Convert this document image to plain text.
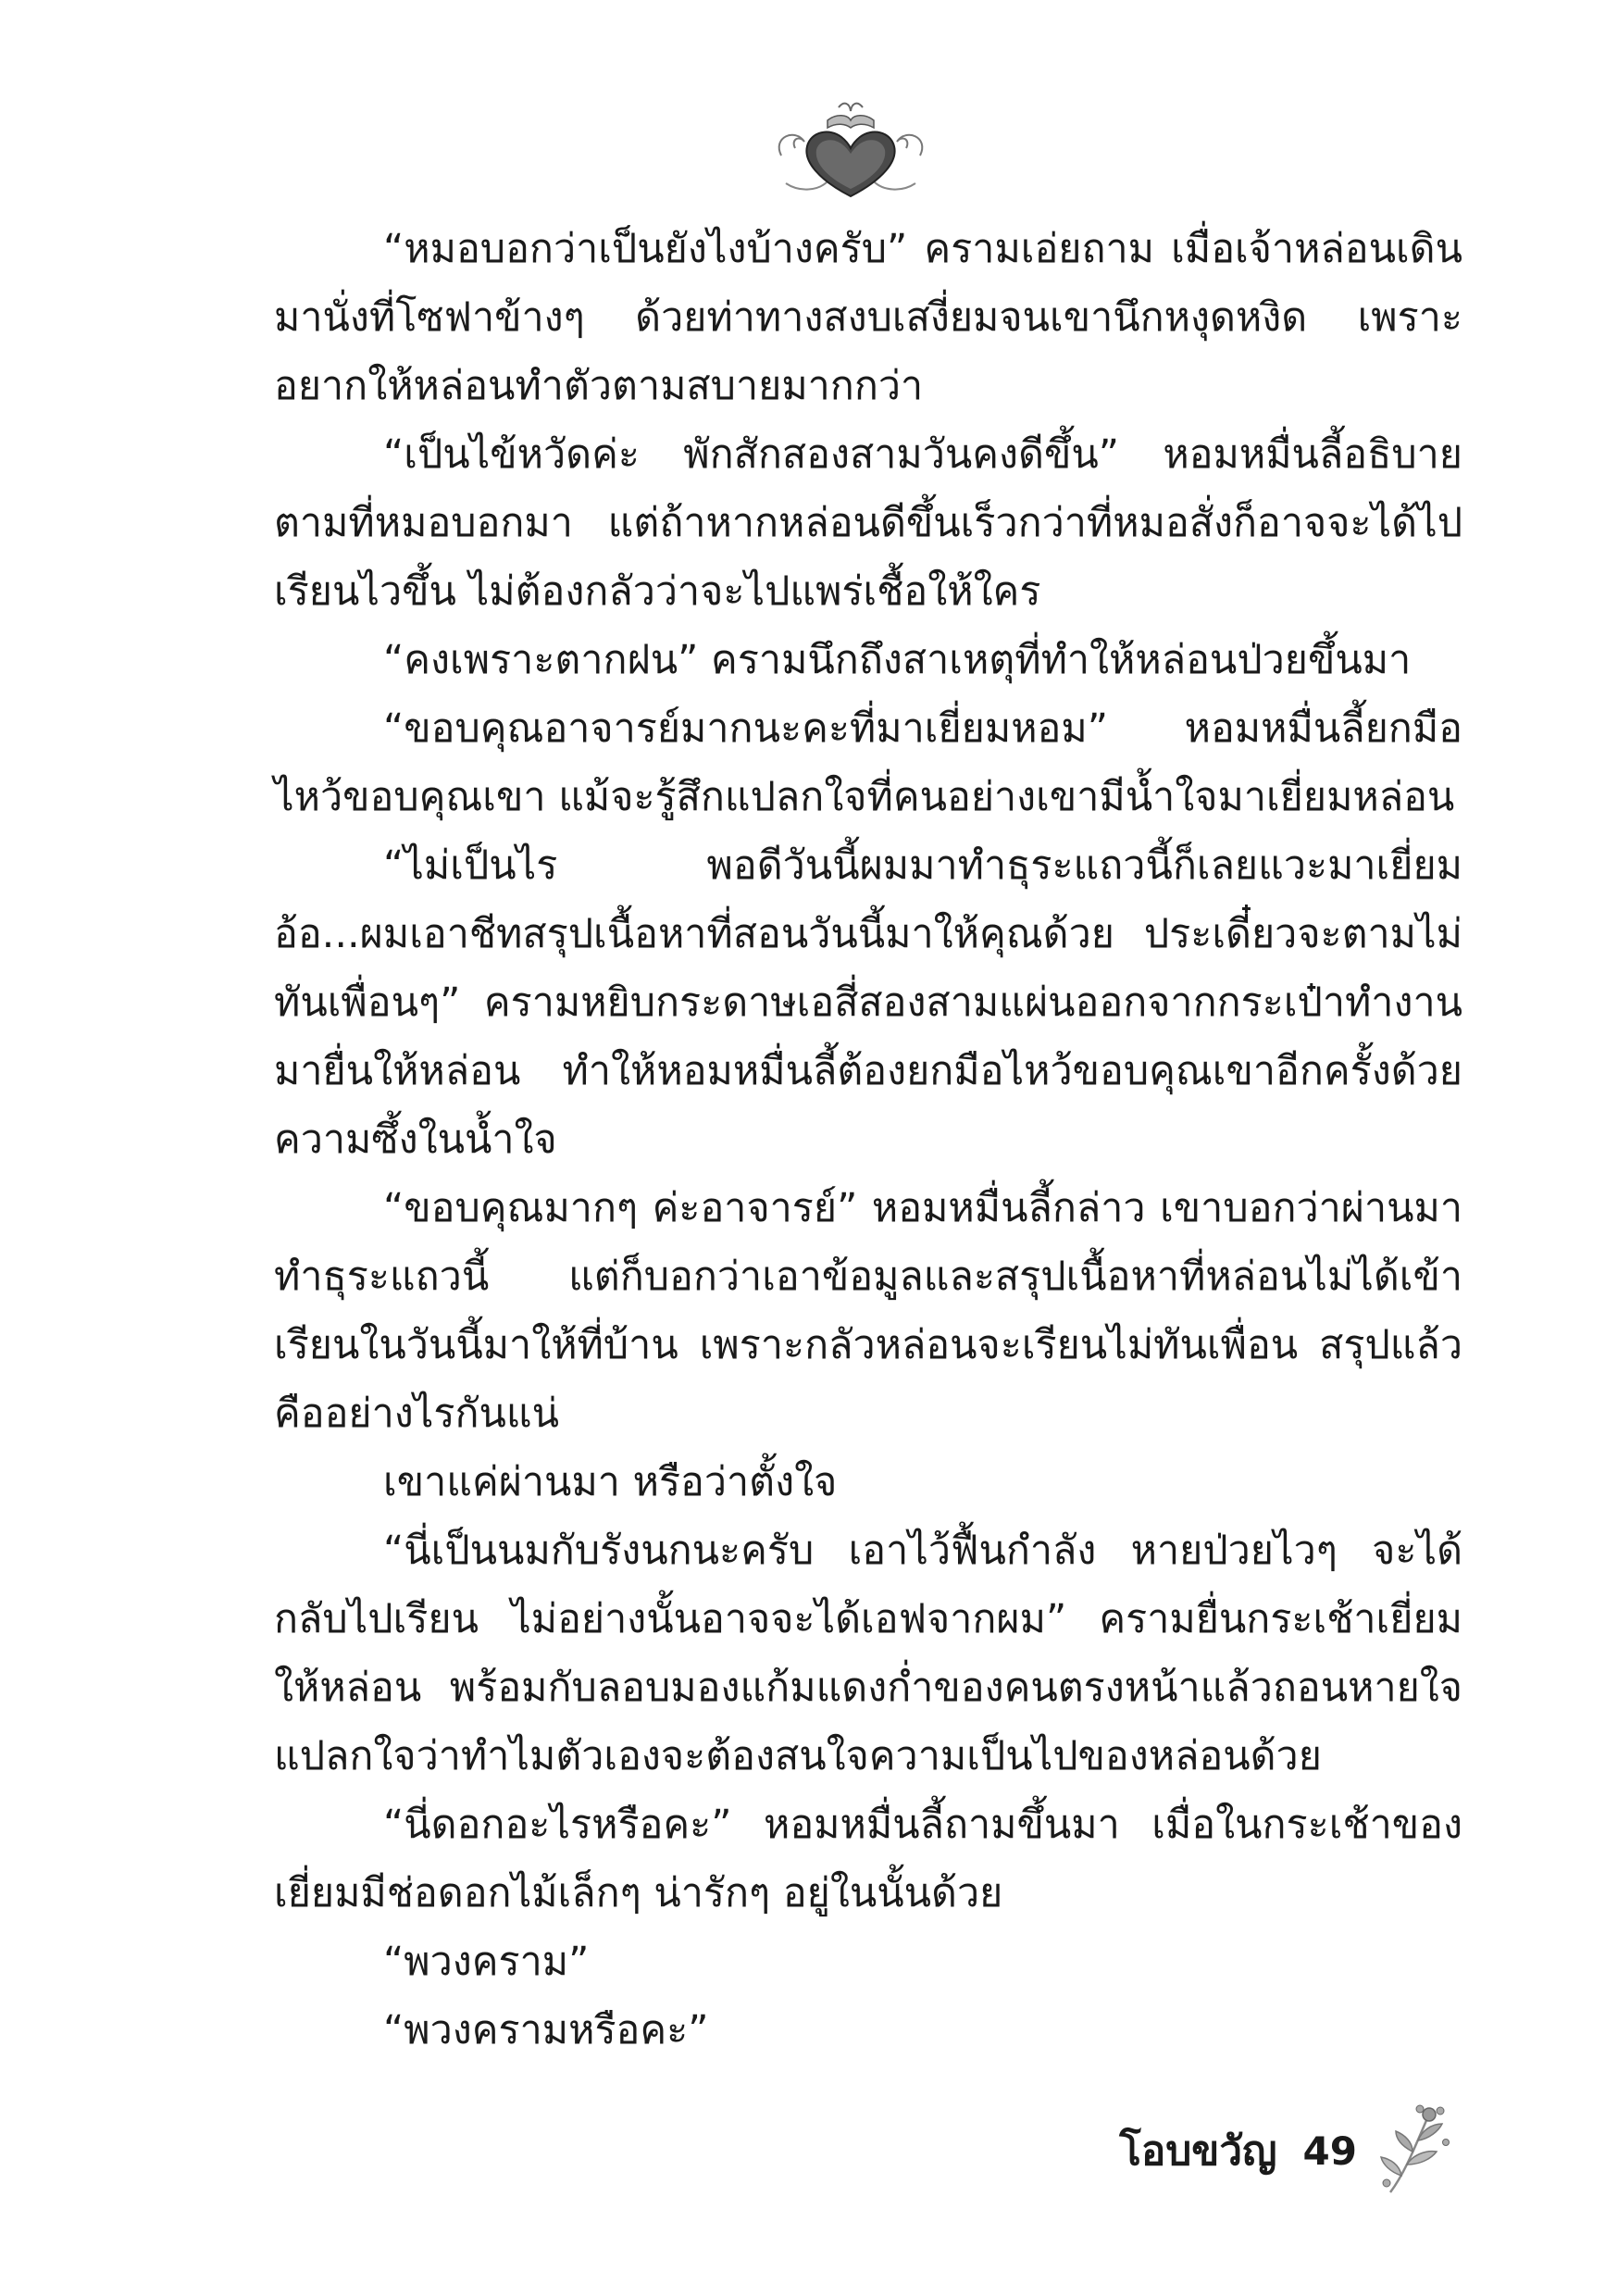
“หมอบอกว่าเป็นยังไงบ้างครับ” ครามเอ่ยถาม เมื่อเจ้าหล่อนเดินมานั่งที่โซฟาข้างๆ ด้วยท่าทางสงบเสงี่ยมจนเขานึกหงุดหงิด เพราะอยากให้หล่อนทำตัวตามสบายมากกว่า

“เป็นไข้หวัดค่ะ พักสักสองสามวันคงดีขึ้น” หอมหมื่นลี้อธิบายตามที่หมอบอกมา แต่ถ้าหากหล่อนดีขึ้นเร็วกว่าที่หมอสั่งก็อาจจะได้ไปเรียนไวขึ้น ไม่ต้องกลัวว่าจะไปแพร่เชื้อให้ใคร

“คงเพราะตากฝน” ครามนึกถึงสาเหตุที่ทำให้หล่อนป่วยขึ้นมา

“ขอบคุณอาจารย์มากนะคะที่มาเยี่ยมหอม” หอมหมื่นลี้ยกมือไหว้ขอบคุณเขา แม้จะรู้สึกแปลกใจที่คนอย่างเขามีน้ำใจมาเยี่ยมหล่อน

“ไม่เป็นไร พอดีวันนี้ผมมาทำธุระแถวนี้ก็เลยแวะมาเยี่ยม อ้อ...ผมเอาชีทสรุปเนื้อหาที่สอนวันนี้มาให้คุณด้วย ประเดี๋ยวจะตามไม่ทันเพื่อนๆ” ครามหยิบกระดาษเอสี่สองสามแผ่นออกจากกระเป๋าทำงานมายื่นให้หล่อน ทำให้หอมหมื่นลี้ต้องยกมือไหว้ขอบคุณเขาอีกครั้งด้วยความซึ้งในน้ำใจ

“ขอบคุณมากๆ ค่ะอาจารย์” หอมหมื่นลี้กล่าว เขาบอกว่าผ่านมาทำธุระแถวนี้ แต่ก็บอกว่าเอาข้อมูลและสรุปเนื้อหาที่หล่อนไม่ได้เข้าเรียนในวันนี้มาให้ที่บ้าน เพราะกลัวหล่อนจะเรียนไม่ทันเพื่อน สรุปแล้วคืออย่างไรกันแน่

เขาแค่ผ่านมา หรือว่าตั้งใจ

“นี่เป็นนมกับรังนกนะครับ เอาไว้ฟื้นกำลัง หายป่วยไวๆ จะได้กลับไปเรียน ไม่อย่างนั้นอาจจะได้เอฟจากผม” ครามยื่นกระเช้าเยี่ยมให้หล่อน พร้อมกับลอบมองแก้มแดงก่ำของคนตรงหน้าแล้วถอนหายใจ แปลกใจว่าทำไมตัวเองจะต้องสนใจความเป็นไปของหล่อนด้วย

“นี่ดอกอะไรหรือคะ” หอมหมื่นลี้ถามขึ้นมา เมื่อในกระเช้าของเยี่ยมมีช่อดอกไม้เล็กๆ น่ารักๆ อยู่ในนั้นด้วย

“พวงคราม”

“พวงครามหรือคะ”

โอบขวัญ 49
